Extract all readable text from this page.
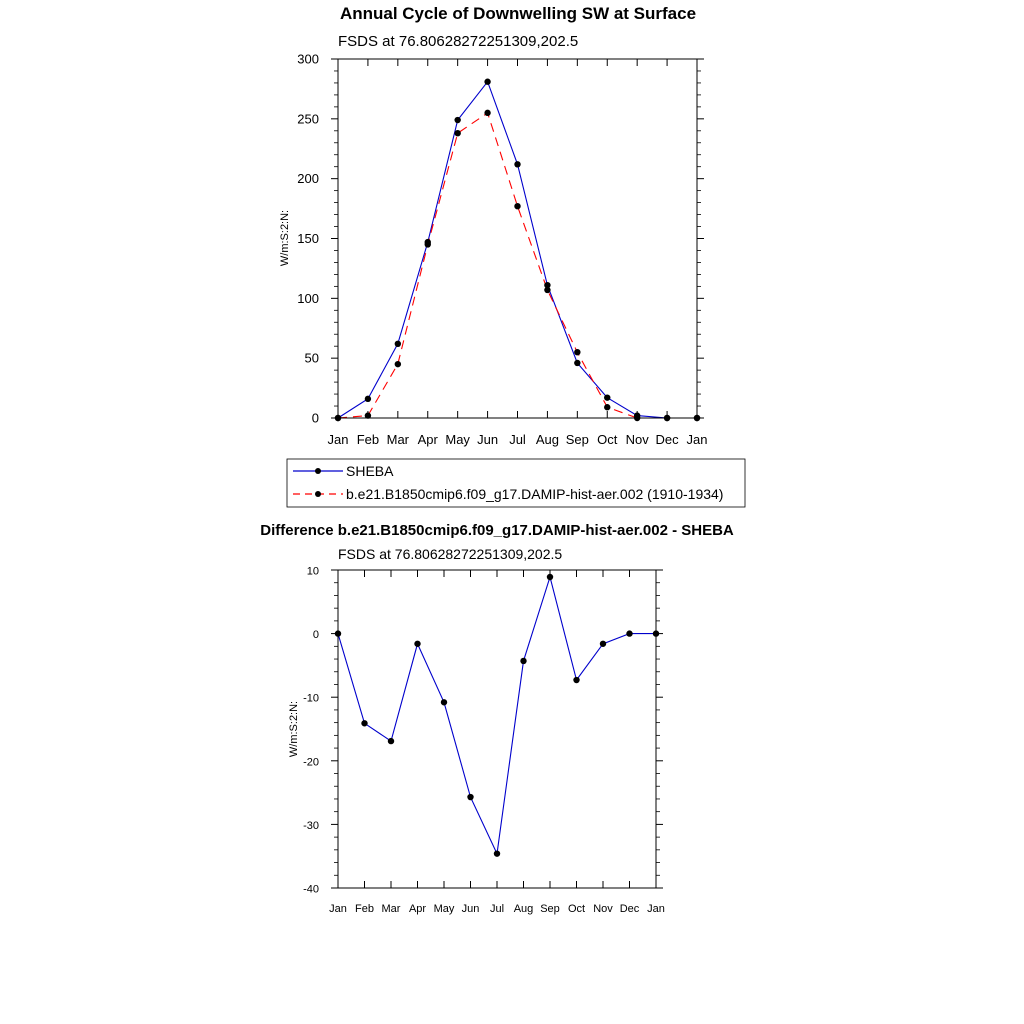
Annual Cycle of Downwelling SW at Surface
FSDS at 76.80628272251309,202.5
W/m:S:2:N:
Jan Feb Mar Apr May Jun Jul Aug Sep Oct Nov Dec Jan
0
50
100
150
200
250
300
SHEBA
b.e21.B1850cmip6.f09_g17.DAMIP-hist-aer.002 (1910-1934)
Difference b.e21.B1850cmip6.f09_g17.DAMIP-hist-aer.002 - SHEBA
FSDS at 76.80628272251309,202.5
W/m:S:2:N:
Jan Feb Mar Apr May Jun Jul Aug Sep Oct Nov Dec Jan
-40
-30
-20
-10
0
10
